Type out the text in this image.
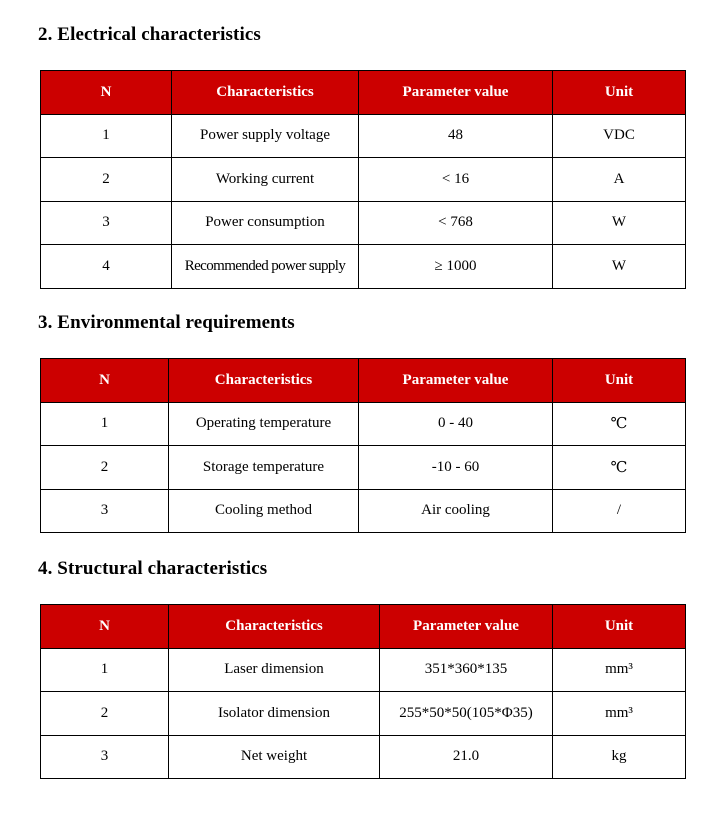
2. Electrical characteristics
N	Characteristics	Parameter value	Unit
1	Power supply voltage	48	VDC
2	Working current	< 16	A
3	Power consumption	< 768	W
4	Recommended power supply	≥ 1000	W
3. Environmental requirements
N	Characteristics	Parameter value	Unit
1	Operating temperature	0 - 40	℃
2	Storage temperature	-10 - 60	℃
3	Cooling method	Air cooling	/
4. Structural characteristics
N	Characteristics	Parameter value	Unit
1	Laser dimension	351*360*135	mm³
2	Isolator dimension	255*50*50(105*Φ35)	mm³
3	Net weight	21.0	kg
